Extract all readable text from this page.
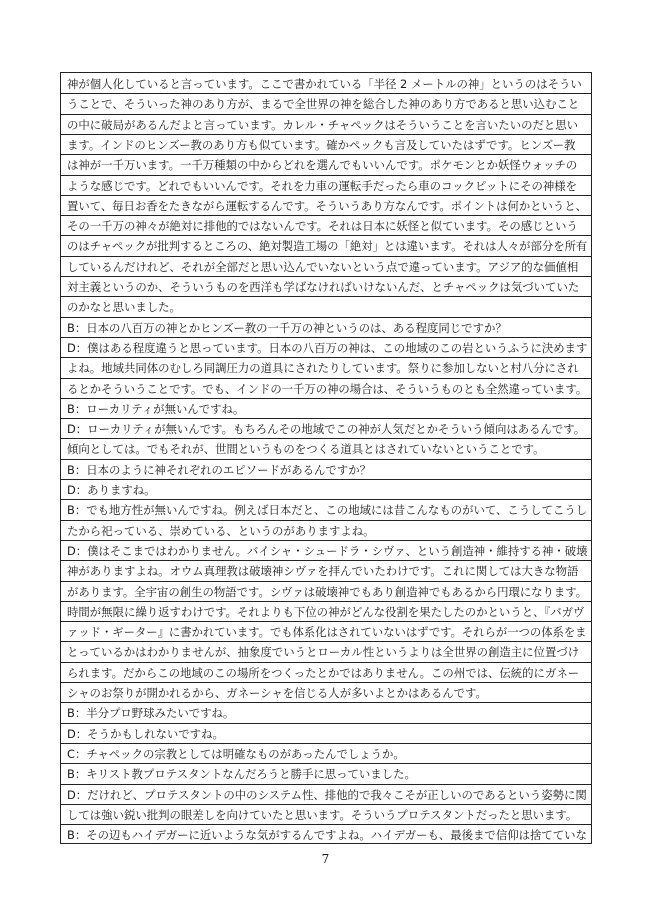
神が個人化していると言っています。ここで書かれている「半径 2 メートルの神」というのはそうい
うことで、そういった神のあり方が、まるで全世界の神を総合した神のあり方であると思い込むこと
の中に破局があるんだよと言っています。カレル・チャペックはそういうことを言いたいのだと思い
ます。インドのヒンズー教のあり方も似ています。確かペックも言及していたはずです。ヒンズー教
は神が一千万います。一千万種類の中からどれを選んでもいいんです。ポケモンとか妖怪ウォッチの
ような感じです。どれでもいいんです。それを力車の運転手だったら車のコックピットにその神様を
置いて、毎日お香をたきながら運転するんです。そういうあり方なんです。ポイントは何かというと、
その一千万の神々が絶対に排他的ではないんです。それは日本に妖怪と似ています。その感じという
のはチャペックが批判するところの、絶対製造工場の「絶対」とは違います。それは人々が部分を所有
しているんだけれど、それが全部だと思い込んでいないという点で違っています。アジア的な価値相
対主義というのか、そういうものを西洋も学ばなければいけないんだ、とチャペックは気づいていた
のかなと思いました。
B：日本の八百万の神とかヒンズー教の一千万の神というのは、ある程度同じですか？
D：僕はある程度違うと思っています。日本の八百万の神は、この地域のこの岩というふうに決めます
よね。地域共同体のむしろ同調圧力の道具にされたりしています。祭りに参加しないと村八分にされ
るとかそういうことです。でも、インドの一千万の神の場合は、そういうものとも全然違っています。
B：ローカリティが無いんですね。
D：ローカリティが無いんです。もちろんその地域でこの神が人気だとかそういう傾向はあるんです。
傾向としては。でもそれが、世間というものをつくる道具とはされていないということです。
B：日本のように神それぞれのエピソードがあるんですか？
D：ありますね。
B：でも地方性が無いんですね。例えば日本だと、この地域には昔こんなものがいて、こうしてこうし
たから祀っている、崇めている、というのがありますよね。
D：僕はそこまではわかりません。バイシャ・シュードラ・シヴァ、という創造神・維持する神・破壊
神がありますよね。オウム真理教は破壊神シヴァを拝んでいたわけです。これに関しては大きな物語
があります。全宇宙の創生の物語です。シヴァは破壊神でもあり創造神でもあるから円環になります。
時間が無限に繰り返すわけです。それよりも下位の神がどんな役割を果たしたのかというと、『バガヴ
ァッド・ギーター』に書かれています。でも体系化はされていないはずです。それらが一つの体系をま
とっているかはわかりませんが、抽象度でいうとローカル性というよりは全世界の創造主に位置づけ
られます。だからこの地域のこの場所をつくったとかではありません。この州では、伝統的にガネー
シャのお祭りが開かれるから、ガネーシャを信じる人が多いよとかはあるんです。
B：半分プロ野球みたいですね。
D：そうかもしれないですね。
C：チャペックの宗教としては明確なものがあったんでしょうか。
B：キリスト教プロテスタントなんだろうと勝手に思っていました。
D：だけれど、プロテスタントの中のシステム性、排他的で我々こそが正しいのであるという姿勢に関
しては強い鋭い批判の眼差しを向けていたと思います。そういうプロテスタントだったと思います。
B：その辺もハイデガーに近いような気がするんですよね。ハイデガーも、最後まで信仰は捨てていな
7
